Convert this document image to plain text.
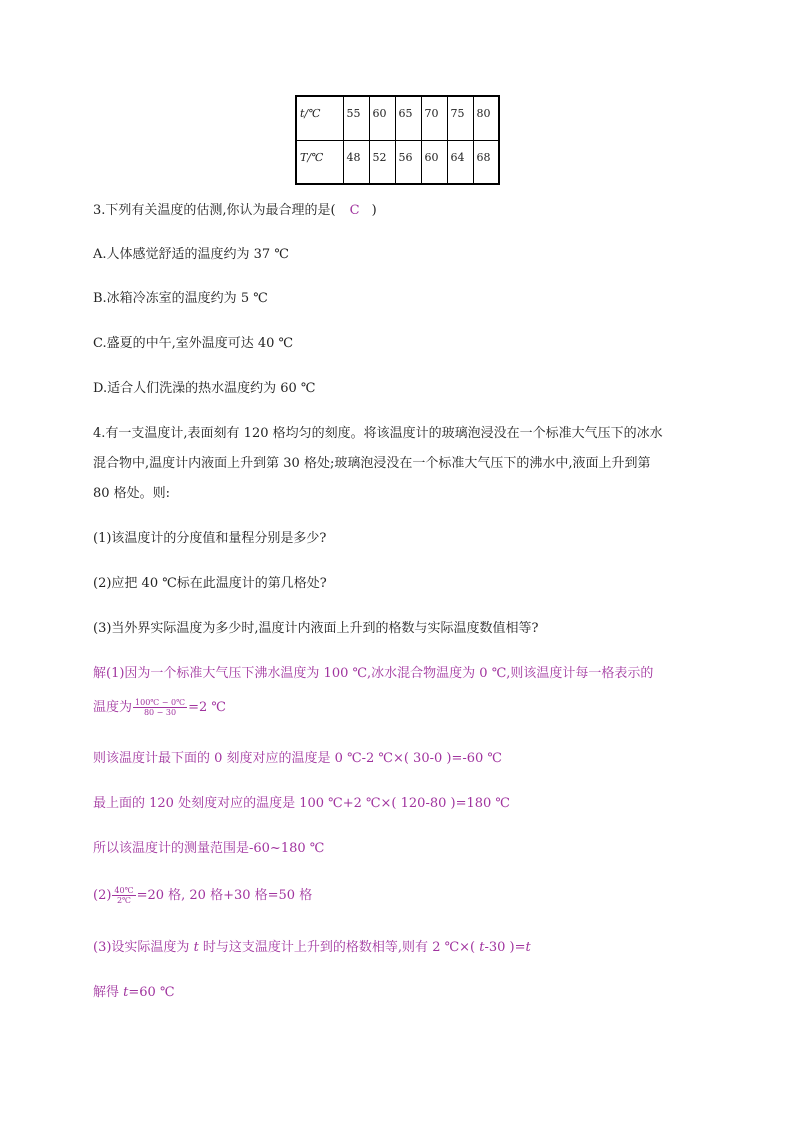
t/℃	55	60	65	70	75	80
T/℃	48	52	56	60	64	68
3.下列有关温度的估测,你认为最合理的是( C )
A.人体感觉舒适的温度约为 37 ℃
B.冰箱冷冻室的温度约为 5 ℃
C.盛夏的中午,室外温度可达 40 ℃
D.适合人们洗澡的热水温度约为 60 ℃
4.有一支温度计,表面刻有 120 格均匀的刻度。将该温度计的玻璃泡浸没在一个标准大气压下的冰水
混合物中,温度计内液面上升到第 30 格处;玻璃泡浸没在一个标准大气压下的沸水中,液面上升到第
80 格处。则:
(1)该温度计的分度值和量程分别是多少?
(2)应把 40 ℃标在此温度计的第几格处?
(3)当外界实际温度为多少时,温度计内液面上升到的格数与实际温度数值相等?
解(1)因为一个标准大气压下沸水温度为 100 ℃,冰水混合物温度为 0 ℃,则该温度计每一格表示的
温度为 $\frac{100℃ - 0℃}{80 - 30} =2$ ℃
则该温度计最下面的 0 刻度对应的温度是 0 ℃-2 ℃×( 30-0 )=-60 ℃
最上面的 120 处刻度对应的温度是 100 ℃+2 ℃×( 120-80 )=180 ℃
所以该温度计的测量范围是-60~180 ℃
$(2) \frac{40℃}{2℃} =20$ 格, 20 格+30 格=50 格
(3)设实际温度为 t 时与这支温度计上升到的格数相等,则有 2 ℃×( t-30 )=t
解得 t=60 ℃
